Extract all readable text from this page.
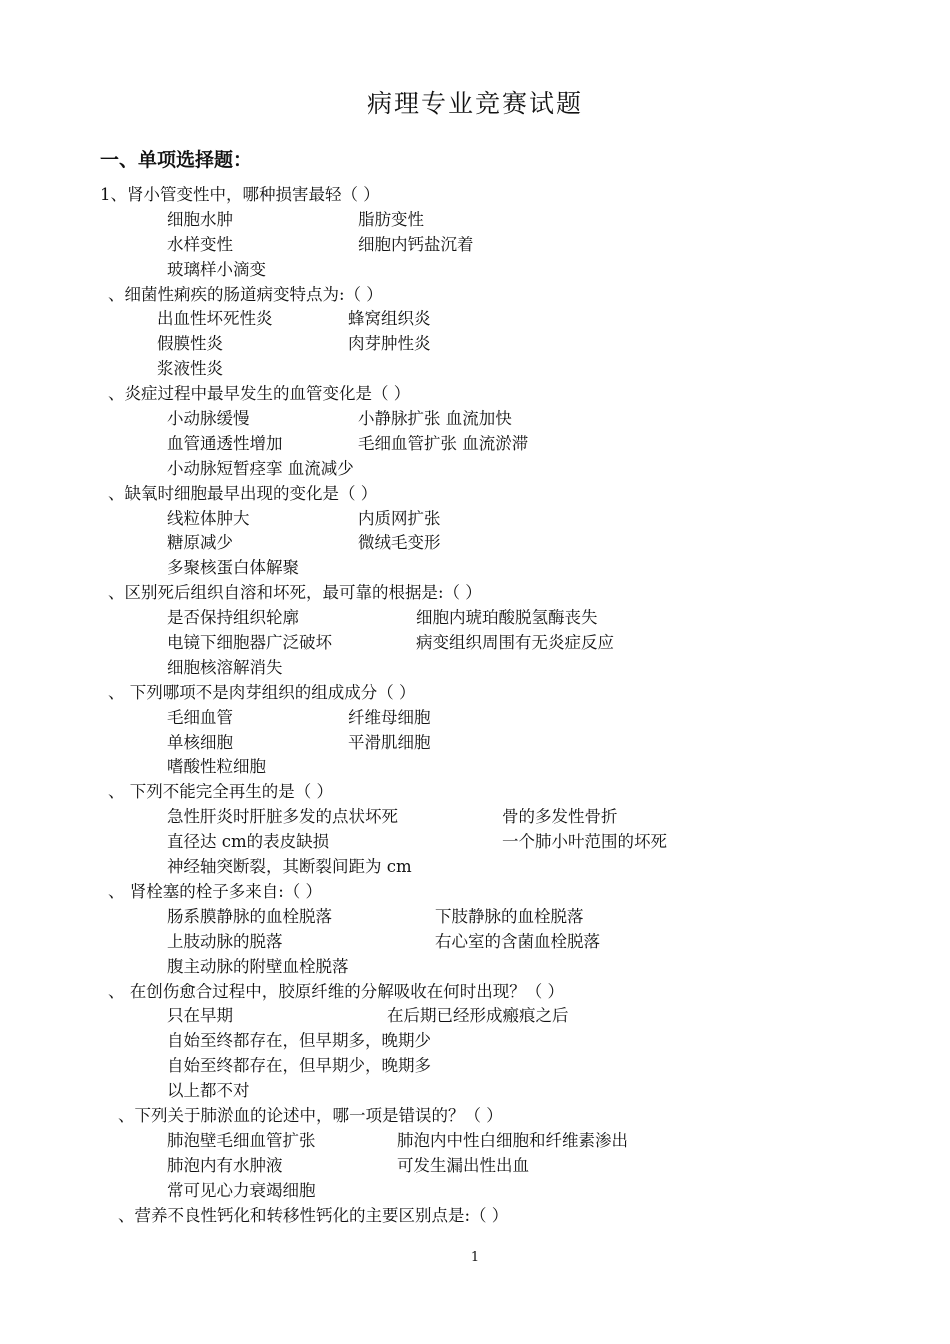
病理专业竞赛试题
一、单项选择题：
1、肾小管变性中，哪种损害最轻（ ）
细胞水肿	脂肪变性
水样变性	细胞内钙盐沉着
玻璃样小滴变
、细菌性痢疾的肠道病变特点为:（ ）
出血性坏死性炎	蜂窝组织炎
假膜性炎	肉芽肿性炎
浆液性炎
、炎症过程中最早发生的血管变化是（ ）
小动脉缓慢	小静脉扩张 血流加快
血管通透性增加	毛细血管扩张 血流淤滞
小动脉短暂痉挛 血流减少
、缺氧时细胞最早出现的变化是（ ）
线粒体肿大	内质网扩张
糖原减少	微绒毛变形
多聚核蛋白体解聚
、区别死后组织自溶和坏死，最可靠的根据是:（ ）
是否保持组织轮廓	细胞内琥珀酸脱氢酶丧失
电镜下细胞器广泛破坏	病变组织周围有无炎症反应
细胞核溶解消失
、 下列哪项不是肉芽组织的组成成分（ ）
毛细血管	纤维母细胞
单核细胞	平滑肌细胞
嗜酸性粒细胞
、 下列不能完全再生的是（ ）
急性肝炎时肝脏多发的点状坏死	骨的多发性骨折
直径达 cm的表皮缺损	一个肺小叶范围的坏死
神经轴突断裂，其断裂间距为 cm
、 肾栓塞的栓子多来自:（ ）
肠系膜静脉的血栓脱落	下肢静脉的血栓脱落
上肢动脉的脱落	右心室的含菌血栓脱落
腹主动脉的附壁血栓脱落
、 在创伤愈合过程中，胶原纤维的分解吸收在何时出现？（ ）
只在早期	在后期已经形成瘢痕之后
自始至终都存在，但早期多，晚期少
自始至终都存在，但早期少，晚期多
以上都不对
、下列关于肺淤血的论述中，哪一项是错误的？（ ）
肺泡壁毛细血管扩张	肺泡内中性白细胞和纤维素渗出
肺泡内有水肿液	可发生漏出性出血
常可见心力衰竭细胞
、营养不良性钙化和转移性钙化的主要区别点是:（ ）
1
